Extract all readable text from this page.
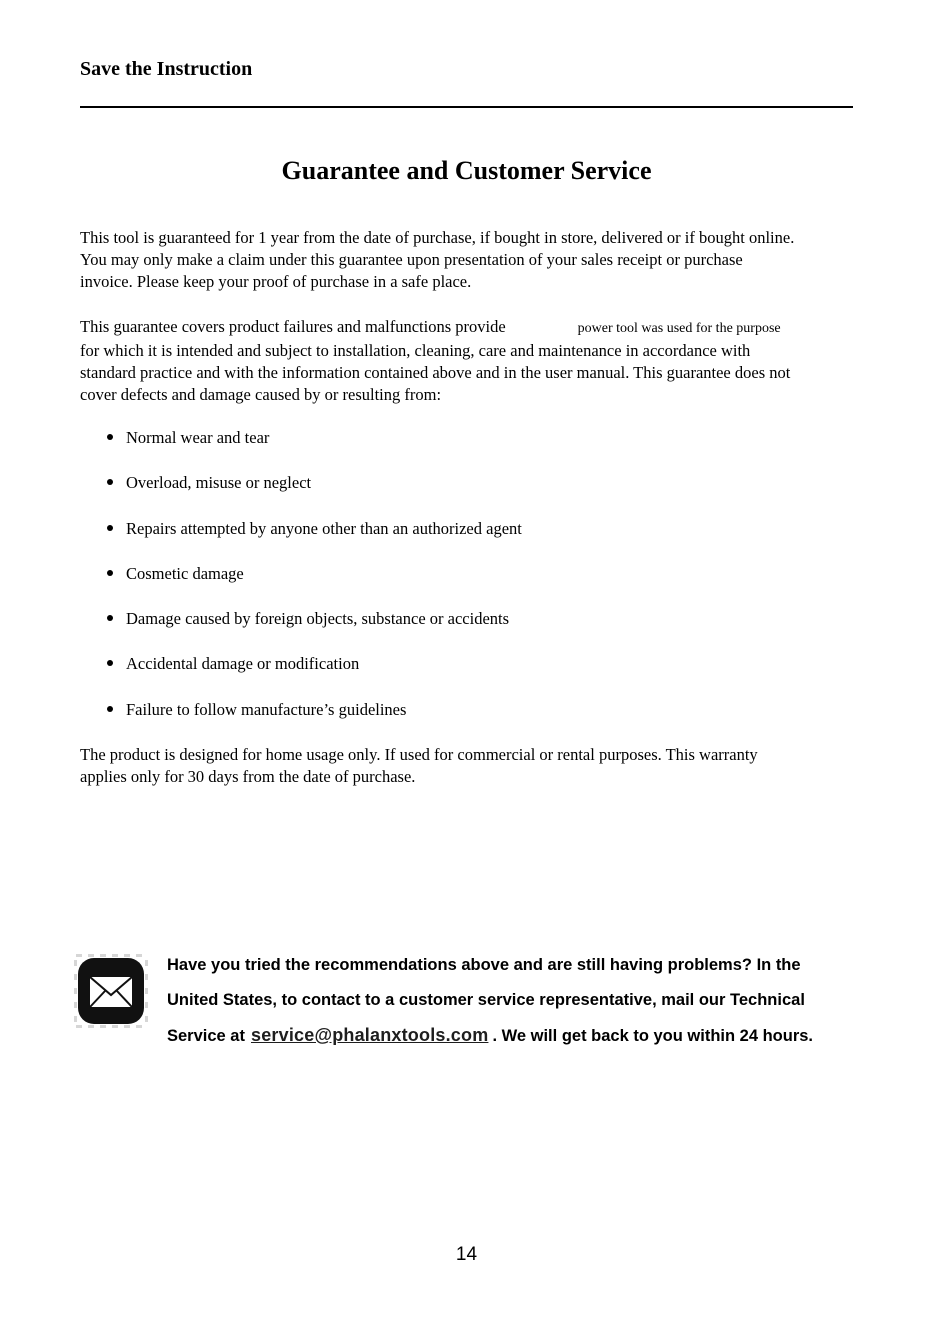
Save the Instruction
Guarantee and Customer Service
This tool is guaranteed for 1 year from the date of purchase, if bought in store, delivered or if bought online.
You may only make a claim under this guarantee upon presentation of your sales receipt or purchase
invoice. Please keep your proof of purchase in a safe place.
This guarantee covers product failures and malfunctions provide	power tool was used for the purpose
for which it is intended and subject to installation, cleaning, care and maintenance in accordance with
standard practice and with the information contained above and in the user manual. This guarantee does not
cover defects and damage caused by or resulting from:
Normal wear and tear
Overload, misuse or neglect
Repairs attempted by anyone other than an authorized agent
Cosmetic damage
Damage caused by foreign objects, substance or accidents
Accidental damage or modification
Failure to follow manufacture’s guidelines
The product is designed for home usage only. If used for commercial or rental purposes. This warranty
applies only for 30 days from the date of purchase.
Have you tried the recommendations above and are still having problems? In the
United States, to contact to a customer service representative, mail our Technical
Service at service@phalanxtools.com . We will get back to you within 24 hours.
14
